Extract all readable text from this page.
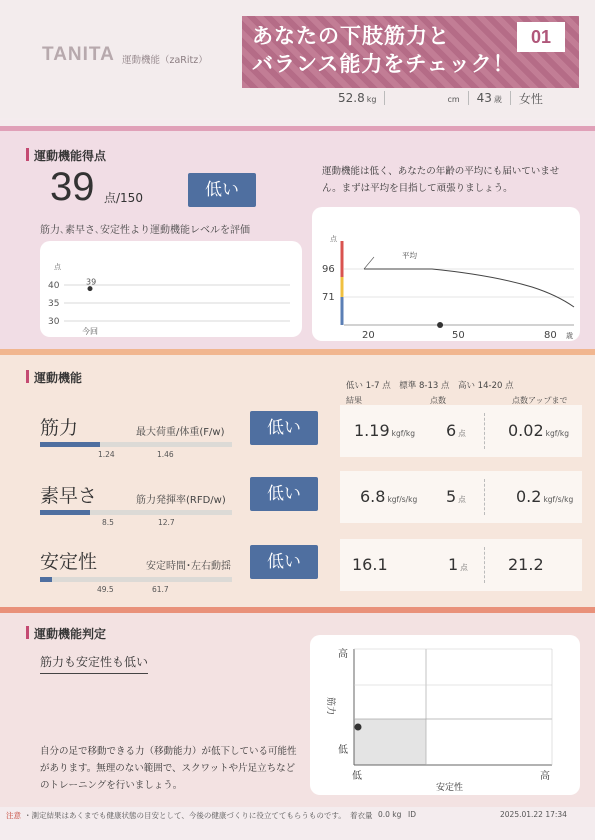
TANITA 運動機能（zaRitz）
あなたの下肢筋力と
バランス能力をチェック！
01
52.8 kg	cm	43 歳	女性
運動機能得点
39 点/150	低い
筋力､素早さ､安定性より運動機能レベルを評価
運動機能は低く、あなたの年齢の平均にも届いていません。まずは平均を目指して頑張りましょう。
点
40
35
30
39
今回
点
96
71
平均
20	50	80 歳
運動機能
低い 1-7 点　標準 8-13 点　高い 14-20 点
結果	点数	点数アップまで
筋力	最大荷重/体重(F/w)
1.24	1.46
低い	1.19 kgf/kg 6 点	0.02 kgf/kg
素早さ	筋力発揮率(RFD/w)
8.5	12.7
低い	6.8 kgf/s/kg 5 点	0.2 kgf/s/kg
安定性	安定時間･左右動揺
49.5	61.7
低い	16.1	1 点	21.2
運動機能判定
筋力も安定性も低い
自分の足で移動できる力（移動能力）が低下している可能性があります。無理のない範囲で、スクワットや片足立ちなどのトレーニングを行いましょう。
高
低
筋力
低	高
安定性
注意 ・測定結果はあくまでも健康状態の目安として、今後の健康づくりに役立ててもらうものです。 着衣量 0.0 kg ID	2025.01.22 17:34
